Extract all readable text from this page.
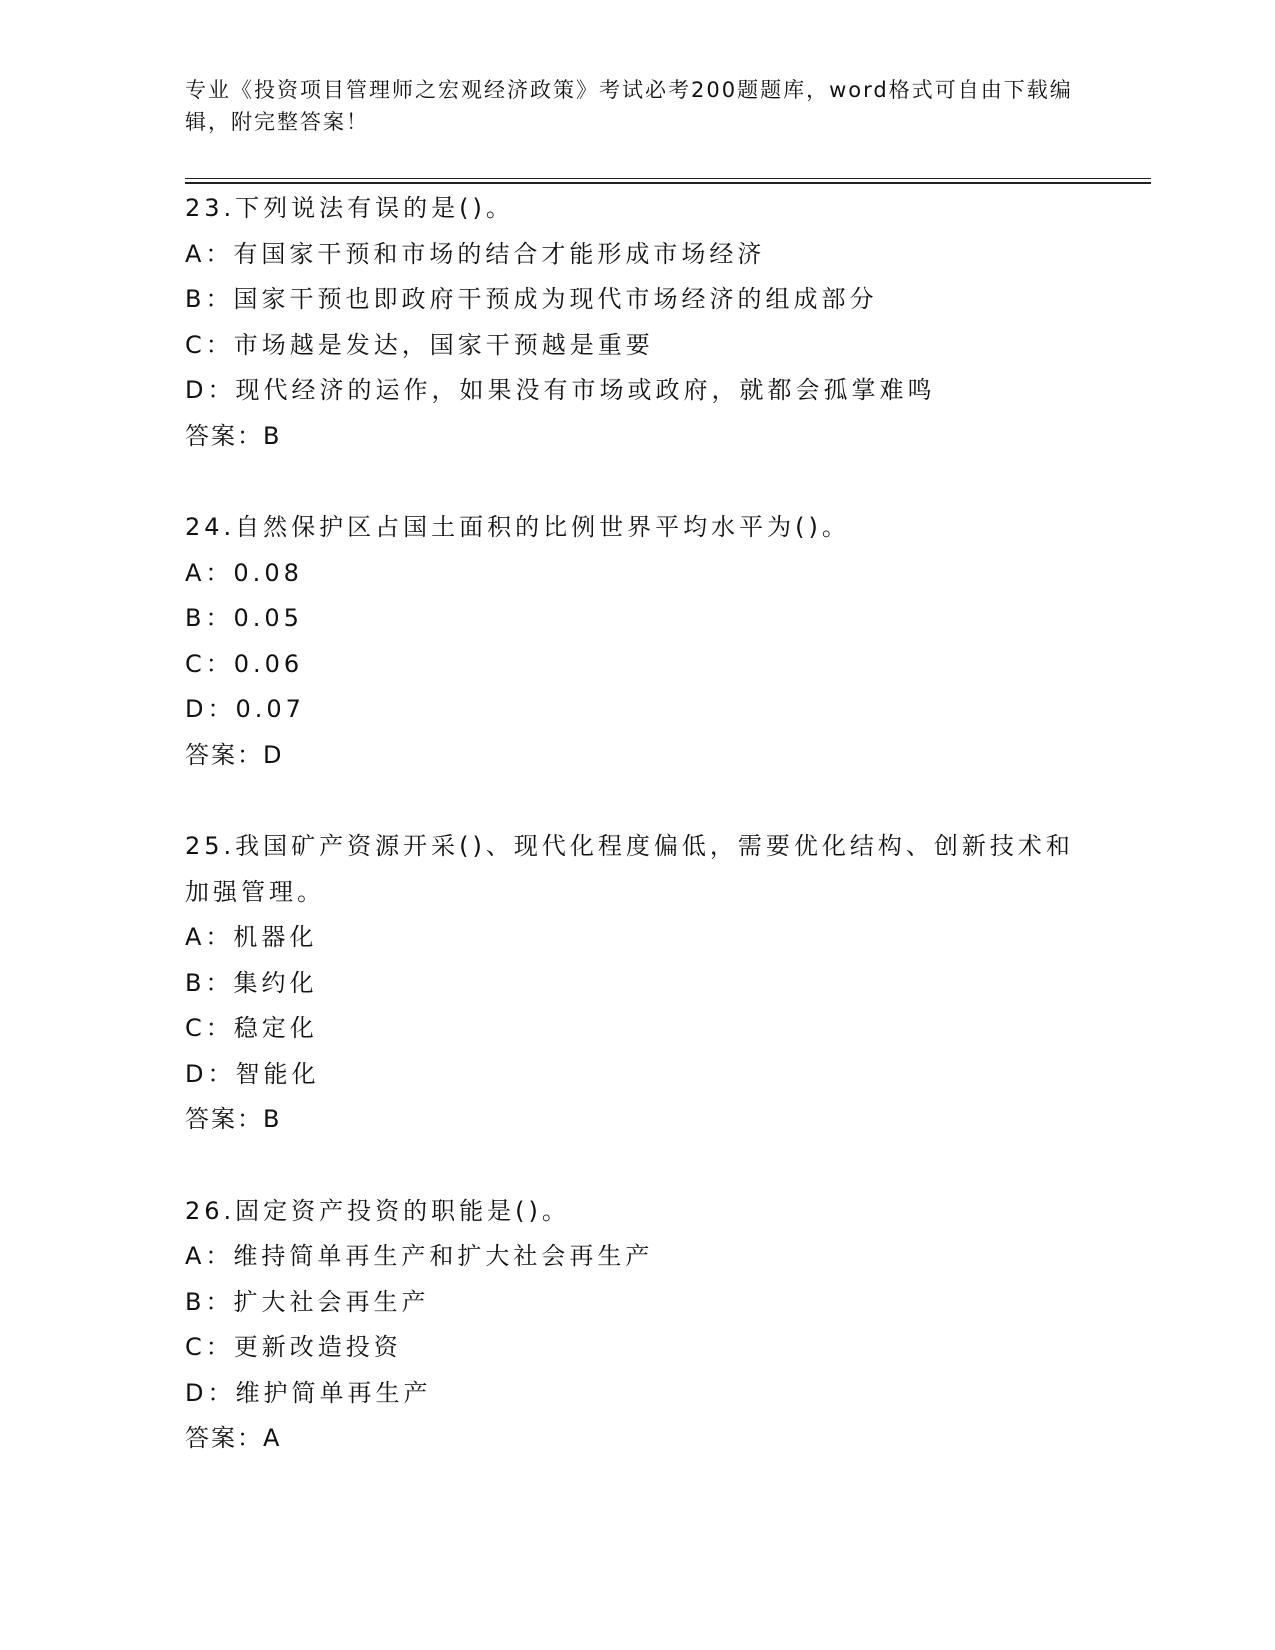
专业《投资项目管理师之宏观经济政策》考试必考200题题库，word格式可自由下载编辑，附完整答案！
23.下列说法有误的是()。
A：有国家干预和市场的结合才能形成市场经济
B：国家干预也即政府干预成为现代市场经济的组成部分
C：市场越是发达，国家干预越是重要
D：现代经济的运作，如果没有市场或政府，就都会孤掌难鸣
答案：B
24.自然保护区占国土面积的比例世界平均水平为()。
A：0.08
B：0.05
C：0.06
D：0.07
答案：D
25.我国矿产资源开采()、现代化程度偏低，需要优化结构、创新技术和加强管理。
A：机器化
B：集约化
C：稳定化
D：智能化
答案：B
26.固定资产投资的职能是()。
A：维持简单再生产和扩大社会再生产
B：扩大社会再生产
C：更新改造投资
D：维护简单再生产
答案：A
